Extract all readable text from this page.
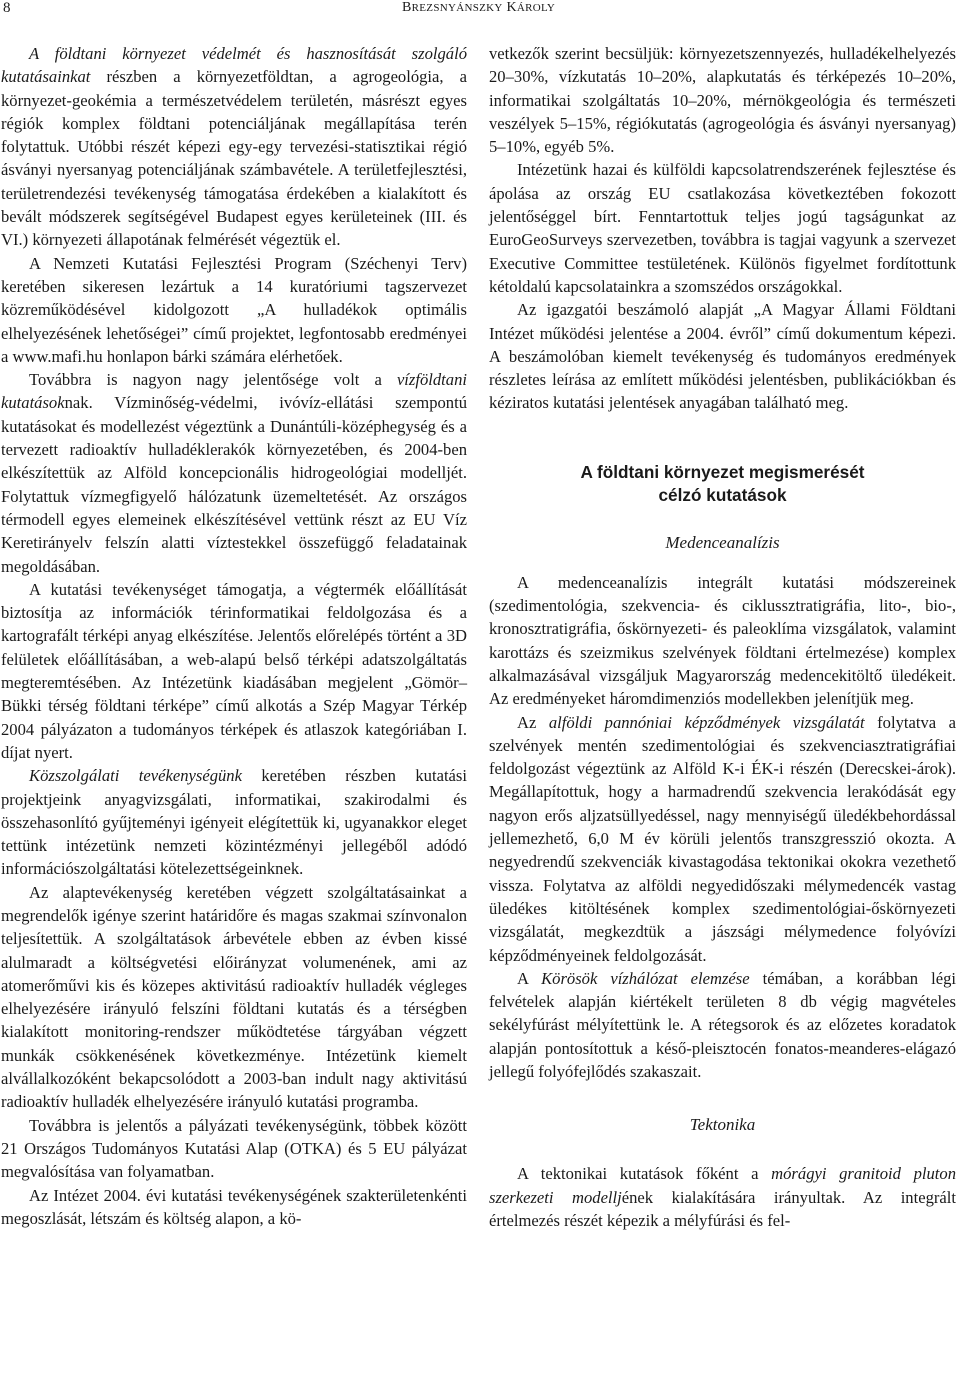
8	BREZSNYÁNSZKY KÁROLY

A földtani környezet védelmét és hasznosítását szolgáló kutatásainkat részben a környezetföldtan, a agrogeológia, a környezet-geokémia a természetvédelem területén, másrészt egyes régiók komplex földtani potenciáljának megállapítása terén folytattuk. Utóbbi részét képezi egy-egy tervezési-statisztikai régió ásványi nyersanyag potenciáljának számbavétele. A területfejlesztési, területrendezési tevékenység támogatása érdekében a kialakított és bevált módszerek segítségével Budapest egyes kerületeinek (III. és VI.) környezeti állapotának felmérését végeztük el.

A Nemzeti Kutatási Fejlesztési Program (Széchenyi Terv) keretében sikeresen lezártuk a 14 kuratóriumi tagszervezet közreműködésével kidolgozott „A hulladékok optimális elhelyezésének lehetőségei” című projektet, legfontosabb eredményei a www.mafi.hu honlapon bárki számára elérhetőek.

Továbbra is nagyon nagy jelentősége volt a vízföldtani kutatásoknak. Vízminőség-védelmi, ivóvíz-ellátási szempontú kutatásokat és modellezést végeztünk a Dunántúli-középhegység és a tervezett radioaktív hulladéklerakók környezetében, és 2004-ben elkészítettük az Alföld koncepcionális hidrogeológiai modelljét. Folytattuk vízmegfigyelő hálózatunk üzemeltetését. Az országos térmodell egyes elemeinek elkészítésével vettünk részt az EU Víz Keretirányelv felszín alatti víztestekkel összefüggő feladatainak megoldásában.

A kutatási tevékenységet támogatja, a végtermék előállítását biztosítja az információk térinformatikai feldolgozása és a kartografált térképi anyag elkészítése. Jelentős előrelépés történt a 3D felületek előállításában, a web-alapú belső térképi adatszolgáltatás megteremtésében. Az Intézetünk kiadásában megjelent „Gömör–Bükki térség földtani térképe” című alkotás a Szép Magyar Térkép 2004 pályázaton a tudományos térképek és atlaszok kategóriában I. díjat nyert.

Közszolgálati tevékenységünk keretében részben kutatási projektjeink anyagvizsgálati, informatikai, szakirodalmi és összehasonlító gyűjteményi igényeit elégítettük ki, ugyanakkor eleget tettünk intézetünk nemzeti közintézményi jellegéből adódó információszolgáltatási kötelezettségeinknek.

Az alaptevékenység keretében végzett szolgáltatásainkat a megrendelők igénye szerint határidőre és magas szakmai színvonalon teljesítettük. A szolgáltatások árbevétele ebben az évben kissé alulmaradt a költségvetési előirányzat volumenének, ami az atomerőművi kis és közepes aktivitású radioaktív hulladék végleges elhelyezésére irányuló felszíni földtani kutatás és a térségben kialakított monitoring-rendszer működtetése tárgyában végzett munkák csökkenésének következménye. Intézetünk kiemelt alvállalkozóként bekapcsolódott a 2003-ban indult nagy aktivitású radioaktív hulladék elhelyezésére irányuló kutatási programba.

Továbbra is jelentős a pályázati tevékenységünk, többek között 21 Országos Tudományos Kutatási Alap (OTKA) és 5 EU pályázat megvalósítása van folyamatban.

Az Intézet 2004. évi kutatási tevékenységének szakterületenkénti megoszlását, létszám és költség alapon, a kö-

vetkezők szerint becsüljük: környezetszennyezés, hulladékelhelyezés 20–30%, vízkutatás 10–20%, alapkutatás és térképezés 10–20%, informatikai szolgáltatás 10–20%, mérnökgeológia és természeti veszélyek 5–15%, régiókutatás (agrogeológia és ásványi nyersanyag) 5–10%, egyéb 5%.

Intézetünk hazai és külföldi kapcsolatrendszerének fejlesztése és ápolása az ország EU csatlakozása következtében fokozott jelentőséggel bírt. Fenntartottuk teljes jogú tagságunkat az EuroGeoSurveys szervezetben, továbbra is tagjai vagyunk a szervezet Executive Committee testületének. Különös figyelmet fordítottunk kétoldalú kapcsolatainkra a szomszédos országokkal.

Az igazgatói beszámoló alapját „A Magyar Állami Földtani Intézet működési jelentése a 2004. évről” című dokumentum képezi. A beszámolóban kiemelt tevékenység és tudományos eredmények részletes leírása az említett működési jelentésben, publikációkban és kéziratos kutatási jelentések anyagában található meg.

A földtani környezet megismerését
célzó kutatások
Medenceanalízis

A medenceanalízis integrált kutatási módszereinek (szedimentológia, szekvencia- és ciklussztratigráfia, lito-, bio-, kronosztratigráfia, őskörnyezeti- és paleoklíma vizsgálatok, valamint karottázs és szeizmikus szelvények földtani értelmezése) komplex alkalmazásával vizsgáljuk Magyarország medencekitöltő üledékeit. Az eredményeket háromdimenziós modellekben jelenítjük meg.

Az alföldi pannóniai képződmények vizsgálatát folytatva a szelvények mentén szedimentológiai és szekvenciasztratigráfiai feldolgozást végeztünk az Alföld K-i ÉK-i részén (Derecskei-árok). Megállapítottuk, hogy a harmadrendű szekvencia lerakódását egy nagyon erős aljzatsüllyedéssel, nagy mennyiségű üledékbehordással jellemezhető, 6,0 M év körüli jelentős transzgresszió okozta. A negyedrendű szekvenciák kivastagodása tektonikai okokra vezethető vissza. Folytatva az alföldi negyedidőszaki mélymedencék vastag üledékes kitöltésének komplex szedimentológiai-őskörnyezeti vizsgálatát, megkezdtük a jászsági mélymedence folyóvízi képződményeinek feldolgozását.

A Körösök vízhálózat elemzése témában, a korábban légi felvételek alapján kiértékelt területen 8 db végig magvételes sekélyfúrást mélyítettünk le. A rétegsorok és az előzetes koradatok alapján pontosítottuk a késő-pleisztocén fonatos-meanderes-elágazó jellegű folyófejlődés szakaszait.

Tektonika

A tektonikai kutatások főként a mórágyi granitoid pluton szerkezeti modelljének kialakítására irányultak. Az integrált értelmezés részét képezik a mélyfúrási és fel-
